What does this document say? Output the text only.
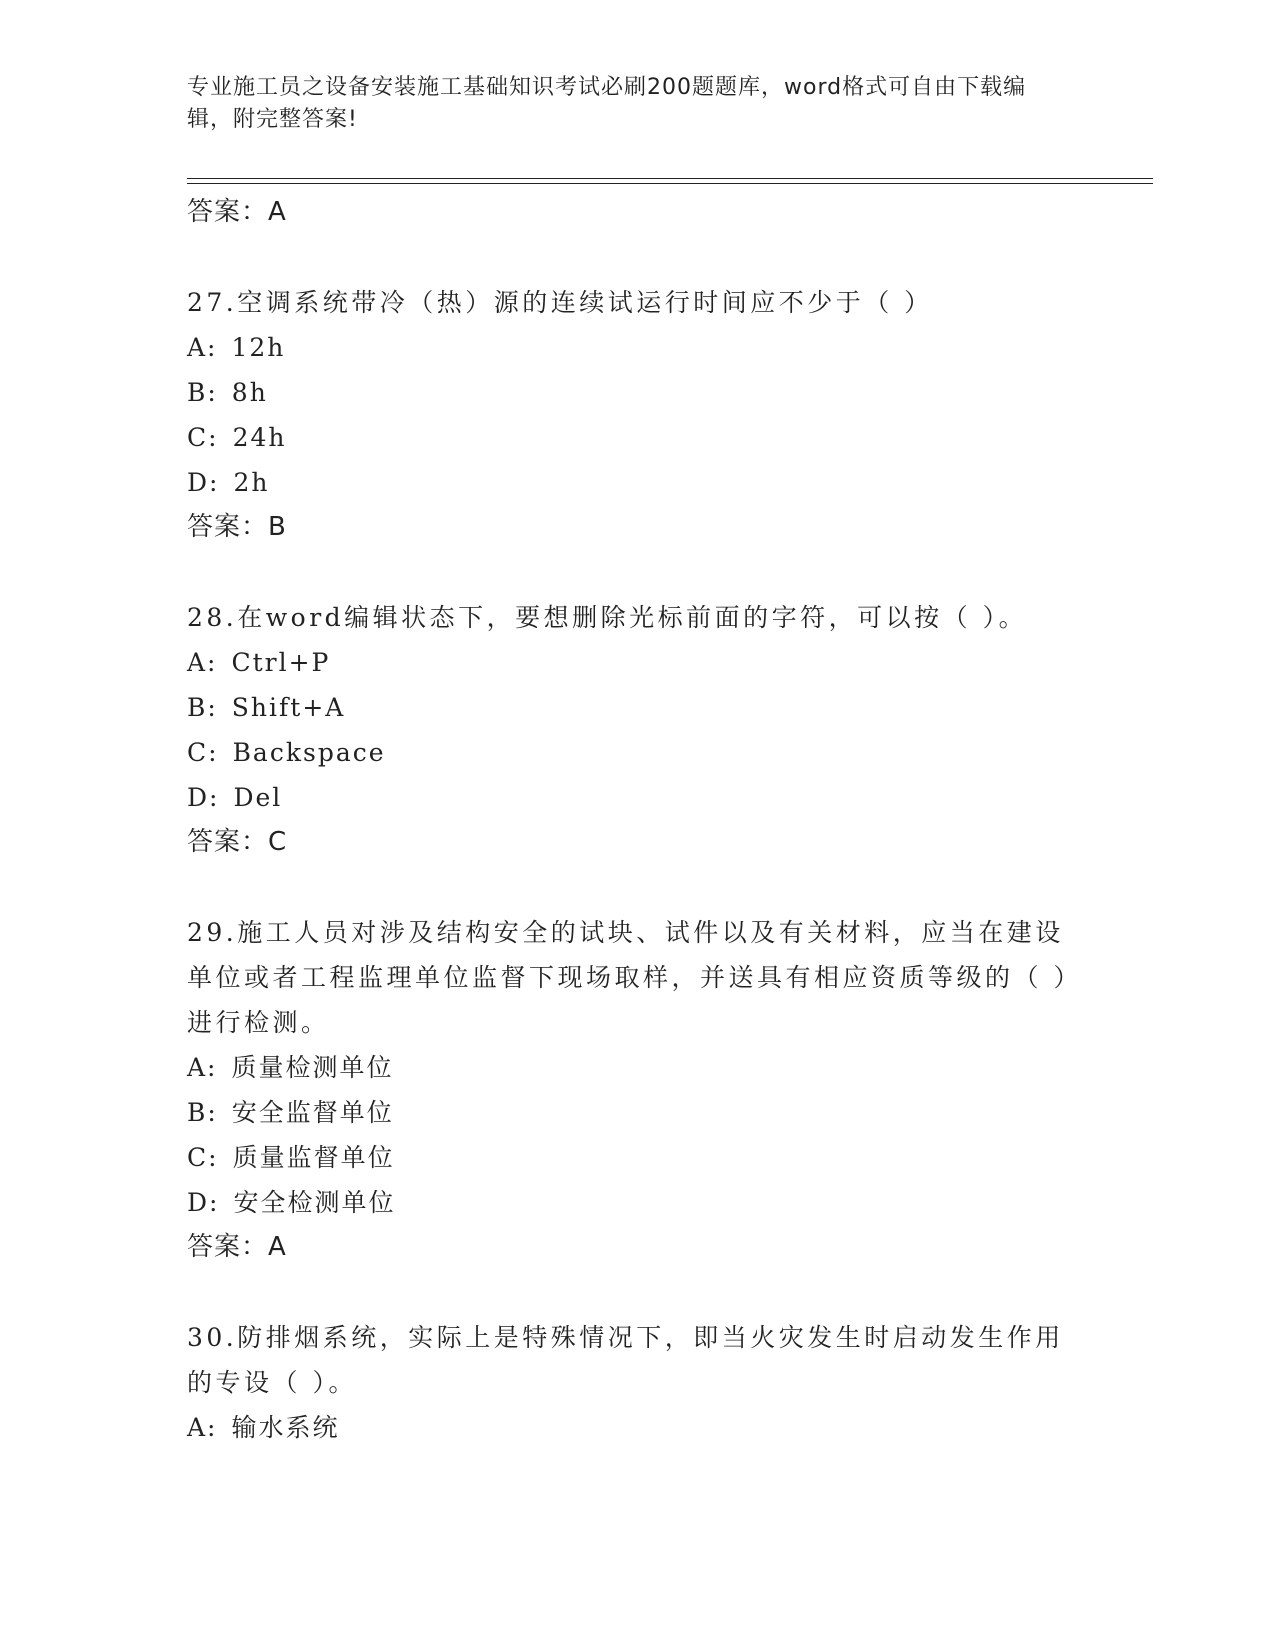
专业施工员之设备安装施工基础知识考试必刷200题题库，word格式可自由下载编辑，附完整答案!
答案：A
27.空调系统带冷（热）源的连续试运行时间应不少于（ ）
A: 12h
B: 8h
C: 24h
D: 2h
答案：B
28.在word编辑状态下，要想删除光标前面的字符，可以按（ ）。
A: Ctrl+P
B: Shift+A
C: Backspace
D: Del
答案：C
29.施工人员对涉及结构安全的试块、试件以及有关材料，应当在建设单位或者工程监理单位监督下现场取样，并送具有相应资质等级的（ ）进行检测。
A: 质量检测单位
B: 安全监督单位
C: 质量监督单位
D: 安全检测单位
答案：A
30.防排烟系统，实际上是特殊情况下，即当火灾发生时启动发生作用的专设（ ）。
A: 输水系统
